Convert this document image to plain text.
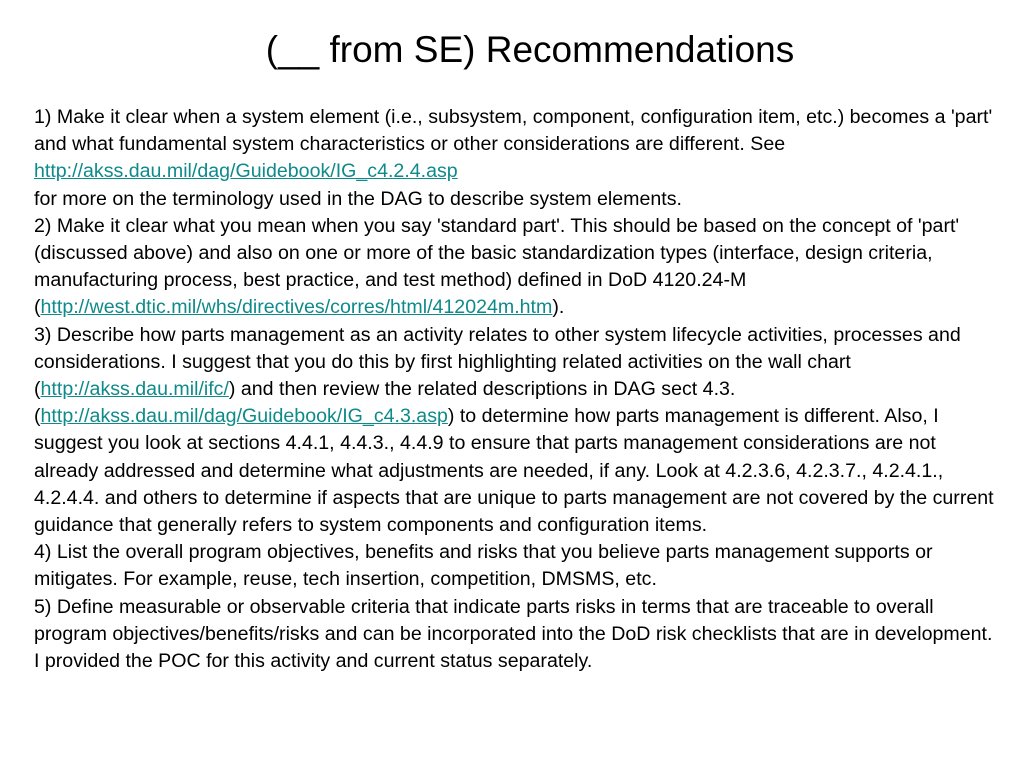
(__ from SE) Recommendations

1) Make it clear when a system element (i.e., subsystem, component, configuration item, etc.) becomes a 'part' and what fundamental system characteristics or other considerations are different. See http://akss.dau.mil/dag/Guidebook/IG_c4.2.4.asp

for more on the terminology used in the DAG to describe system elements.

2) Make it clear what you mean when you say 'standard part'. This should be based on the concept of 'part' (discussed above) and also on one or more of the basic standardization types (interface, design criteria, manufacturing process, best practice, and test method) defined in DoD 4120.24-M (http://west.dtic.mil/whs/directives/corres/html/412024m.htm).

3) Describe how parts management as an activity relates to other system lifecycle activities, processes and considerations. I suggest that you do this by first highlighting related activities on the wall chart (http://akss.dau.mil/ifc/) and then review the related descriptions in DAG sect 4.3. (http://akss.dau.mil/dag/Guidebook/IG_c4.3.asp) to determine how parts management is different. Also, I suggest you look at sections 4.4.1, 4.4.3., 4.4.9 to ensure that parts management considerations are not already addressed and determine what adjustments are needed, if any. Look at 4.2.3.6, 4.2.3.7., 4.2.4.1., 4.2.4.4. and others to determine if aspects that are unique to parts management are not covered by the current guidance that generally refers to system components and configuration items.

4) List the overall program objectives, benefits and risks that you believe parts management supports or mitigates. For example, reuse, tech insertion, competition, DMSMS, etc.

5) Define measurable or observable criteria that indicate parts risks in terms that are traceable to overall program objectives/benefits/risks and can be incorporated into the DoD risk checklists that are in development. I provided the POC for this activity and current status separately.
